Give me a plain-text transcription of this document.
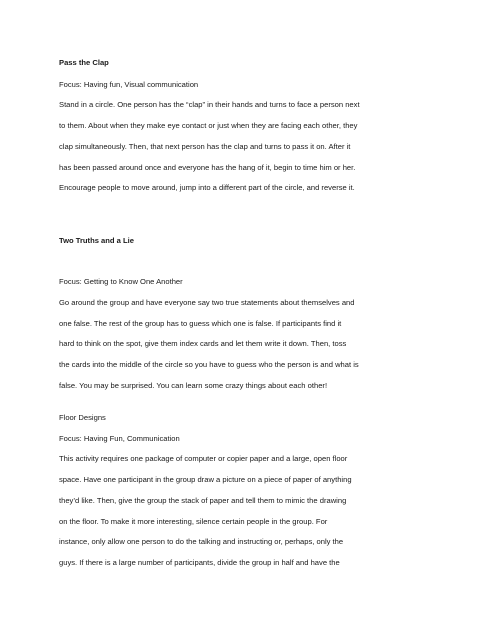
Pass the Clap
Focus: Having fun, Visual communication
Stand in a circle. One person has the “clap” in their hands and turns to face a person next
to them. About when they make eye contact or just when they are facing each other, they
clap simultaneously. Then, that next person has the clap and turns to pass it on. After it
has been passed around once and everyone has the hang of it, begin to time him or her.
Encourage people to move around, jump into a different part of the circle, and reverse it.
Two Truths and a Lie
Focus: Getting to Know One Another
Go around the group and have everyone say two true statements about themselves and
one false. The rest of the group has to guess which one is false. If participants find it
hard to think on the spot, give them index cards and let them write it down. Then, toss
the cards into the middle of the circle so you have to guess who the person is and what is
false. You may be surprised. You can learn some crazy things about each other!
Floor Designs
Focus: Having Fun, Communication
This activity requires one package of computer or copier paper and a large, open floor
space. Have one participant in the group draw a picture on a piece of paper of anything
they’d like. Then, give the group the stack of paper and tell them to mimic the drawing
on the floor. To make it more interesting, silence certain people in the group. For
instance, only allow one person to do the talking and instructing or, perhaps, only the
guys. If there is a large number of participants, divide the group in half and have the
